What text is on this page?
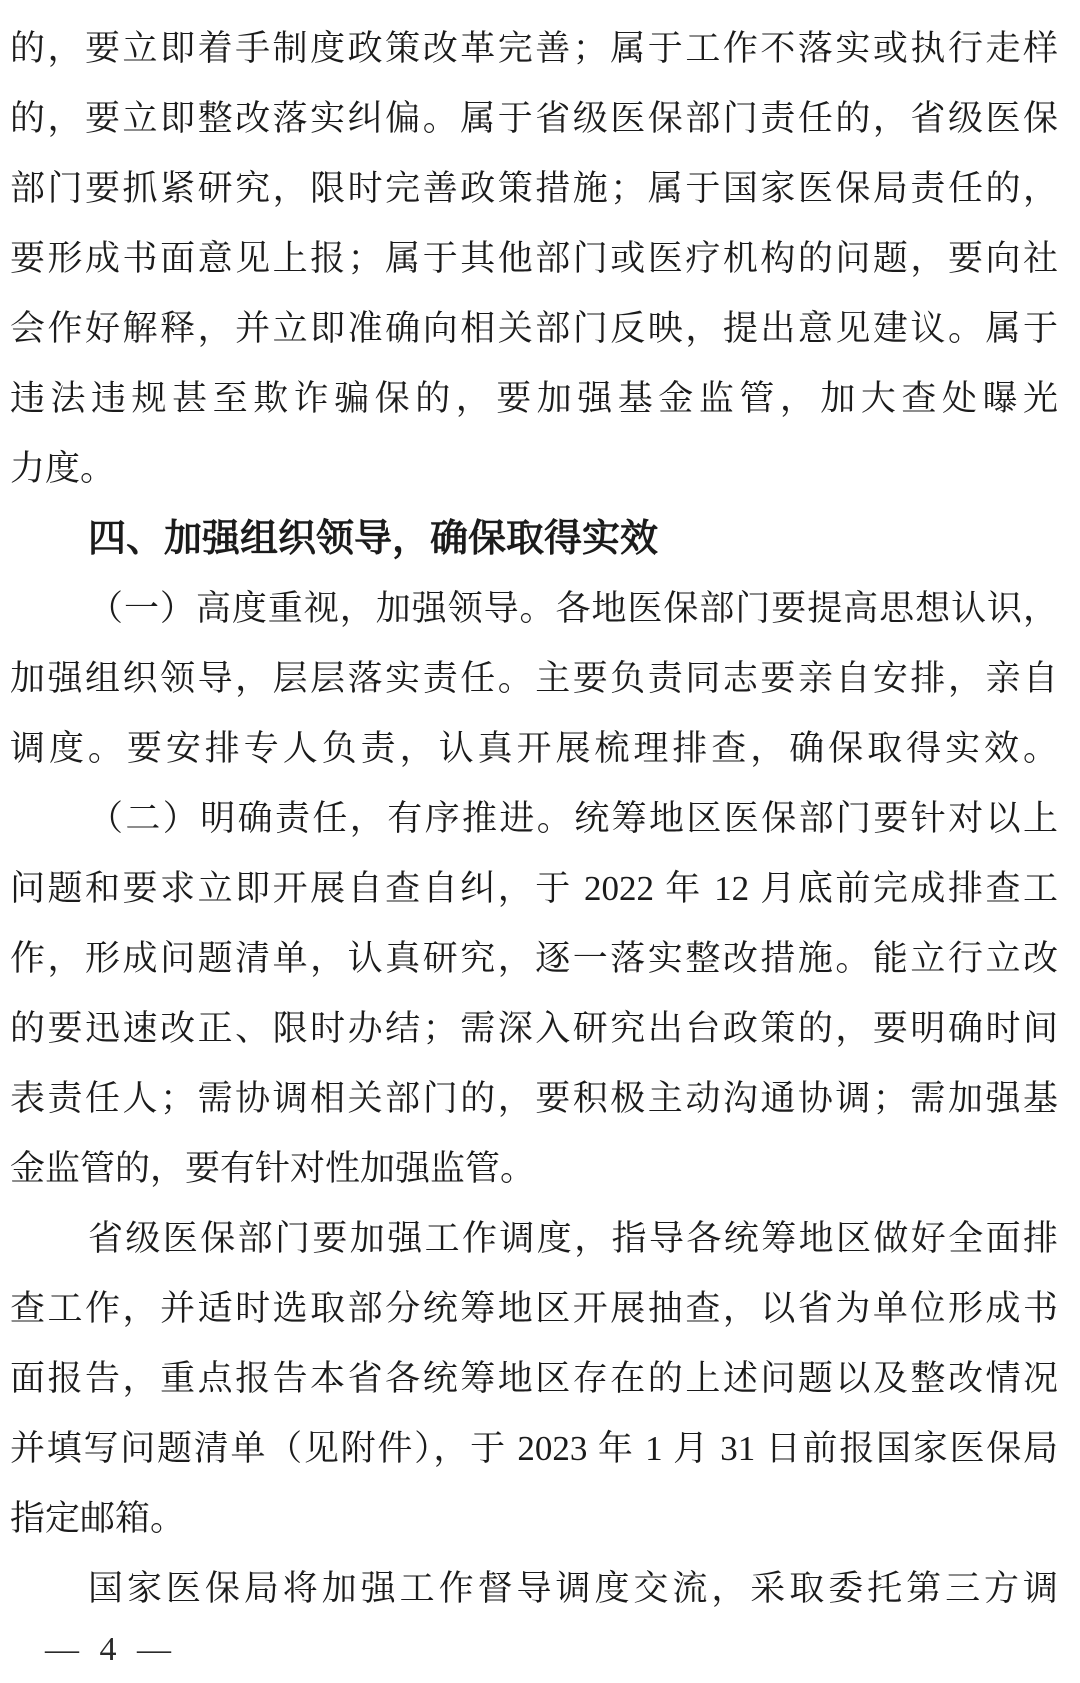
的，要立即着手制度政策改革完善；属于工作不落实或执行走样
的，要立即整改落实纠偏。属于省级医保部门责任的，省级医保
部门要抓紧研究，限时完善政策措施；属于国家医保局责任的，
要形成书面意见上报；属于其他部门或医疗机构的问题，要向社
会作好解释，并立即准确向相关部门反映，提出意见建议。属于
违法违规甚至欺诈骗保的，要加强基金监管，加大查处曝光
力度。
四、加强组织领导，确保取得实效
（一）高度重视，加强领导。各地医保部门要提高思想认识，
加强组织领导，层层落实责任。主要负责同志要亲自安排，亲自
调度。要安排专人负责，认真开展梳理排查，确保取得实效。
（二）明确责任，有序推进。统筹地区医保部门要针对以上
问题和要求立即开展自查自纠，于 2022 年 12 月底前完成排查工
作，形成问题清单，认真研究，逐一落实整改措施。能立行立改
的要迅速改正、限时办结；需深入研究出台政策的，要明确时间
表责任人；需协调相关部门的，要积极主动沟通协调；需加强基
金监管的，要有针对性加强监管。
省级医保部门要加强工作调度，指导各统筹地区做好全面排
查工作，并适时选取部分统筹地区开展抽查，以省为单位形成书
面报告，重点报告本省各统筹地区存在的上述问题以及整改情况
并填写问题清单（见附件），于 2023 年 1 月 31 日前报国家医保局
指定邮箱。
国家医保局将加强工作督导调度交流，采取委托第三方调
— 4 —
